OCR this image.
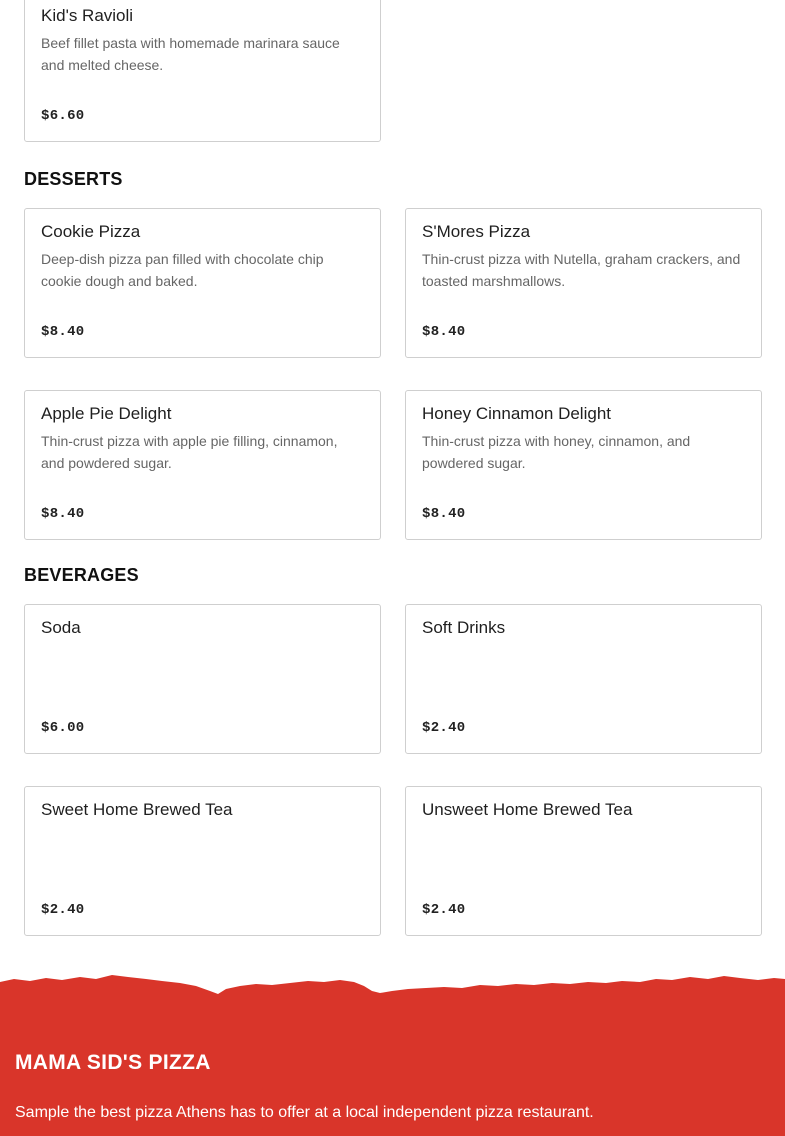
Kid's Ravioli
Beef fillet pasta with homemade marinara sauce and melted cheese.
$6.60
DESSERTS
Cookie Pizza
Deep-dish pizza pan filled with chocolate chip cookie dough and baked.
$8.40
S'Mores Pizza
Thin-crust pizza with Nutella, graham crackers, and toasted marshmallows.
$8.40
Apple Pie Delight
Thin-crust pizza with apple pie filling, cinnamon, and powdered sugar.
$8.40
Honey Cinnamon Delight
Thin-crust pizza with honey, cinnamon, and powdered sugar.
$8.40
BEVERAGES
Soda
$6.00
Soft Drinks
$2.40
Sweet Home Brewed Tea
$2.40
Unsweet Home Brewed Tea
$2.40
MAMA SID'S PIZZA
Sample the best pizza Athens has to offer at a local independent pizza restaurant.
